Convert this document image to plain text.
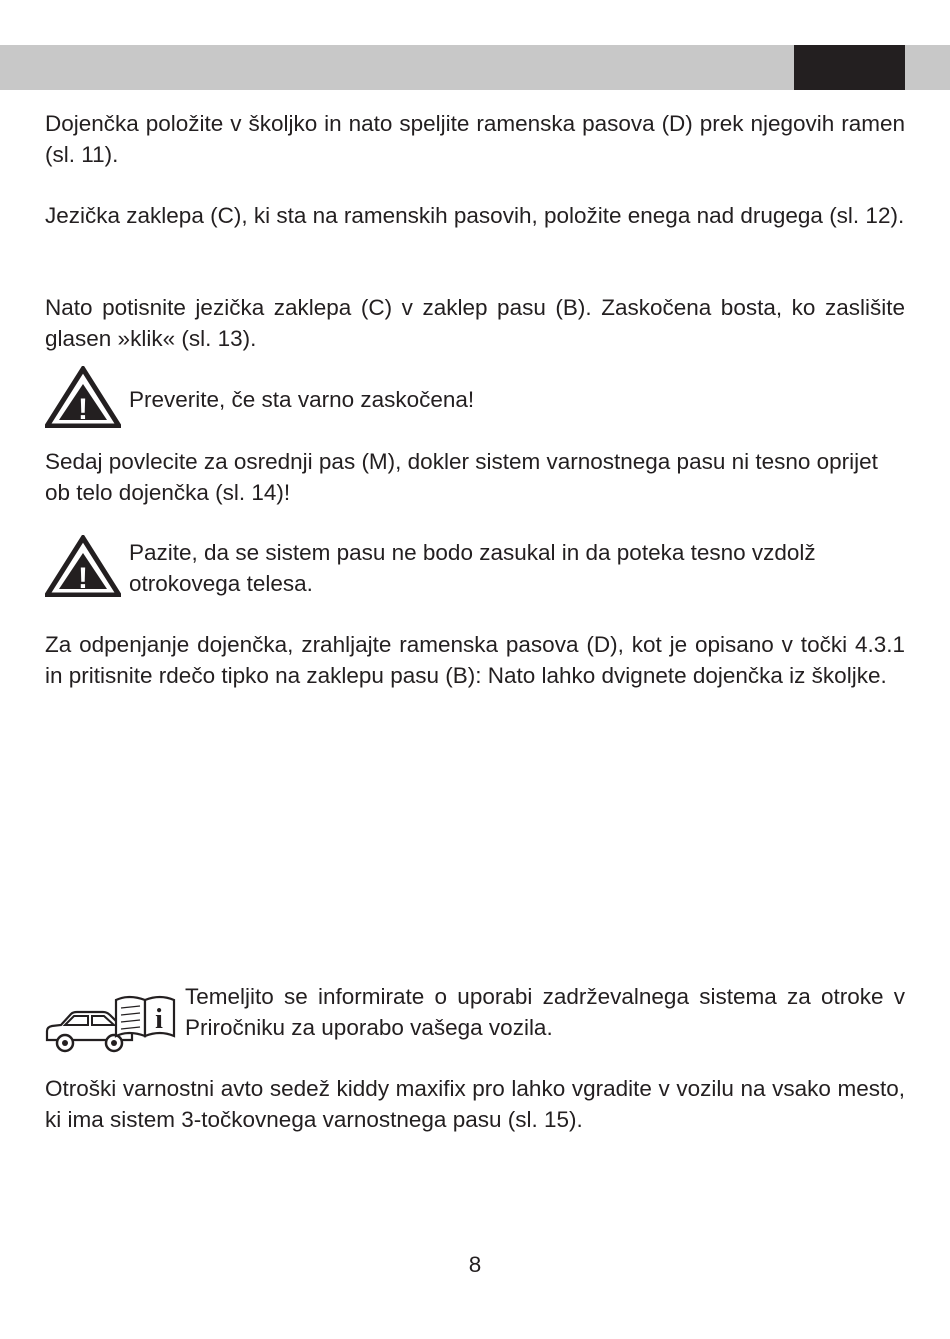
Dojenčka položite v školjko in nato speljite ramenska pasova (D) prek njegovih ramen (sl. 11).

Jezička zaklepa (C), ki sta na ramenskih pasovih, položite enega nad drugega (sl. 12).

Nato potisnite jezička zaklepa (C) v zaklep pasu (B). Zaskočena bosta, ko zaslišite glasen »klik« (sl. 13).

! Preverite, če sta varno zaskočena!

Sedaj povlecite za osrednji pas (M), dokler sistem varnostnega pasu ni tesno oprijet ob telo dojenčka (sl. 14)!

!

Pazite, da se sistem pasu ne bodo zasukal in da poteka tesno vzdolž otrokovega telesa.

Za odpenjanje dojenčka, zrahljajte ramenska pasova (D), kot je opisano v točki 4.3.1 in pritisnite rdečo tipko na zaklepu pasu (B): Nato lahko dvignete dojenčka iz školjke.

i

Temeljito se informirate o uporabi zadrževalnega sistema za otroke v Priročniku za uporabo vašega vozila.

Otroški varnostni avto sedež kiddy maxifix pro lahko vgradite v vozilu na vsako mesto, ki ima sistem 3-točkovnega varnostnega pasu (sl. 15).

8
